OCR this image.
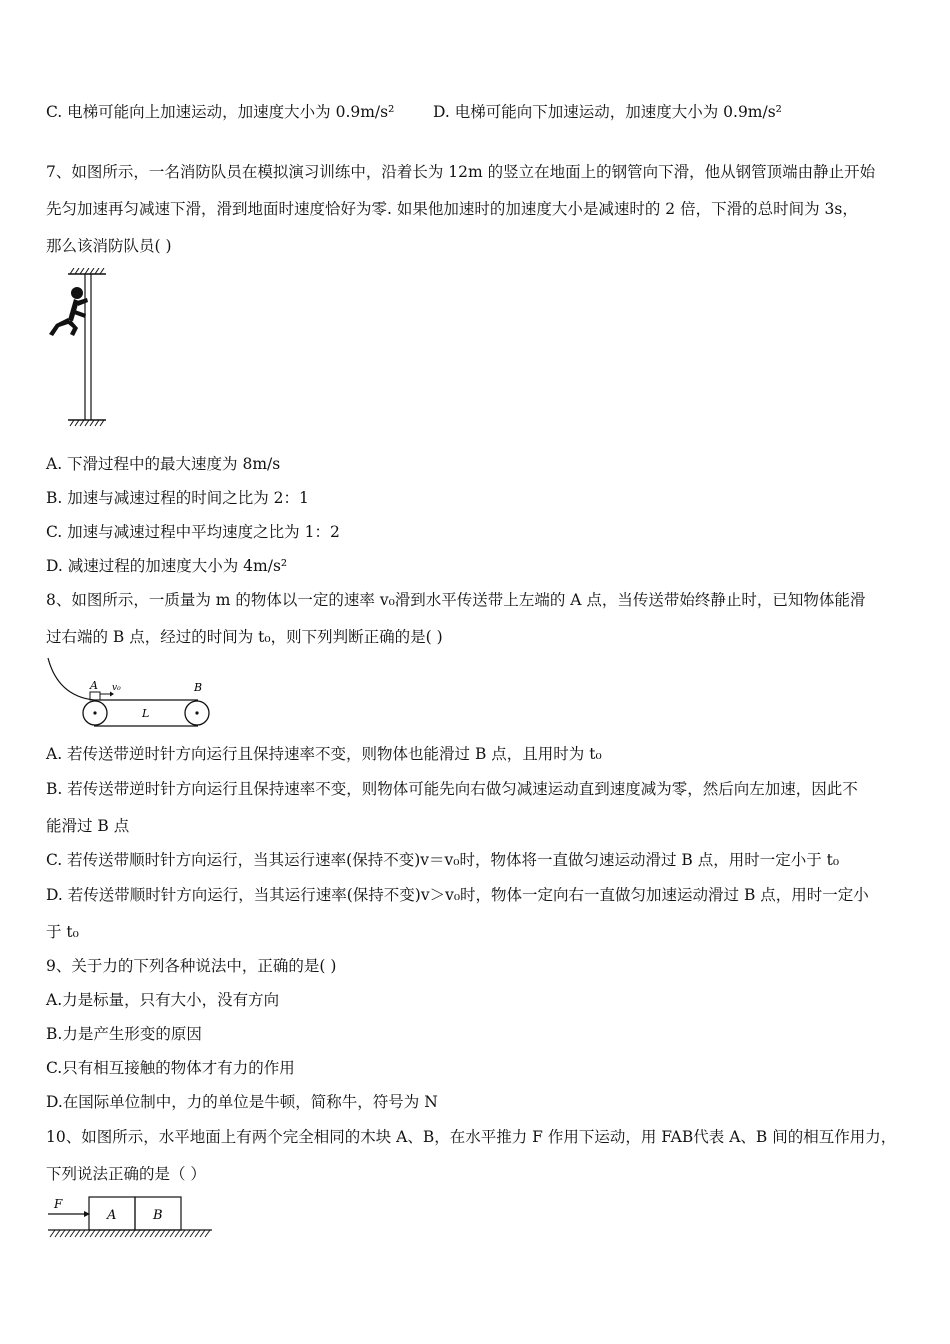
C. 电梯可能向上加速运动，加速度大小为 0.9m/s² D. 电梯可能向下加速运动，加速度大小为 0.9m/s²
7、如图所示，一名消防队员在模拟演习训练中，沿着长为 12m 的竖立在地面上的钢管向下滑，他从钢管顶端由静止开始
先匀加速再匀减速下滑，滑到地面时速度恰好为零. 如果他加速时的加速度大小是减速时的 2 倍，下滑的总时间为 3s，
那么该消防队员( )
A. 下滑过程中的最大速度为 8m/s
B. 加速与减速过程的时间之比为 2：1
C. 加速与减速过程中平均速度之比为 1：2
D. 减速过程的加速度大小为 4m/s²
8、如图所示，一质量为 m 的物体以一定的速率 v₀滑到水平传送带上左端的 A 点，当传送带始终静止时，已知物体能滑
过右端的 B 点，经过的时间为 t₀，则下列判断正确的是( )
A v₀	B
L
A. 若传送带逆时针方向运行且保持速率不变，则物体也能滑过 B 点，且用时为 t₀
B. 若传送带逆时针方向运行且保持速率不变，则物体可能先向右做匀减速运动直到速度减为零，然后向左加速，因此不
能滑过 B 点
C. 若传送带顺时针方向运行，当其运行速率(保持不变)v＝v₀时，物体将一直做匀速运动滑过 B 点，用时一定小于 t₀
D. 若传送带顺时针方向运行，当其运行速率(保持不变)v＞v₀时，物体一定向右一直做匀加速运动滑过 B 点，用时一定小
于 t₀
9、关于力的下列各种说法中，正确的是( )
A.力是标量，只有大小，没有方向
B.力是产生形变的原因
C.只有相互接触的物体才有力的作用
D.在国际单位制中，力的单位是牛顿，简称牛，符号为 N
10、如图所示，水平地面上有两个完全相同的木块 A、B，在水平推力 F 作用下运动，用 FAB代表 A、B 间的相互作用力，
下列说法正确的是（ ）
F
A	B
